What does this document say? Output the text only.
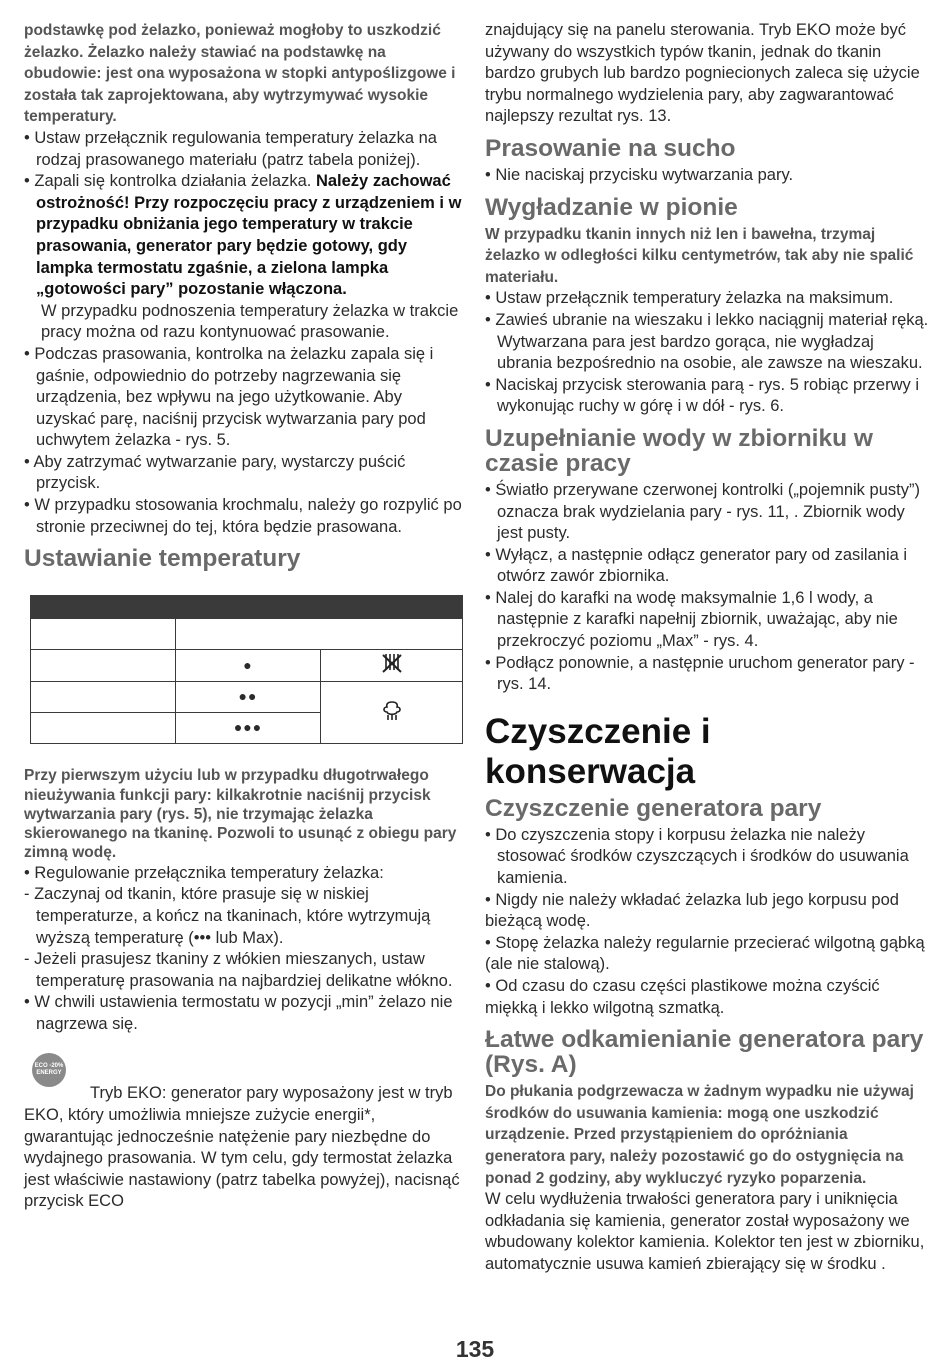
podstawkę pod żelazko, ponieważ mogłoby to uszkodzić żelazko. Żelazko należy stawiać na podstawkę na obudowie: jest ona wyposażona w stopki antypoślizgowe i została tak zaprojektowana, aby wytrzymywać wysokie temperatury.

• Ustaw przełącznik regulowania temperatury żelazka na rodzaj prasowanego materiału (patrz tabela poniżej).

• Zapali się kontrolka działania żelazka. Należy zachować ostrożność! Przy rozpoczęciu pracy z urządzeniem i w przypadku obniżania jego temperatury w trakcie prasowania, generator pary będzie gotowy, gdy lampka termostatu zgaśnie, a zielona lampka „gotowości pary” pozostanie włączona.

W przypadku podnoszenia temperatury żelazka w trakcie pracy można od razu kontynuować prasowanie.

• Podczas prasowania, kontrolka na żelazku zapala się i gaśnie, odpowiednio do potrzeby nagrzewania się urządzenia, bez wpływu na jego użytkowanie. Aby uzyskać parę, naciśnij przycisk wytwarzania pary pod uchwytem żelazka - rys. 5.

• Aby zatrzymać wytwarzanie pary, wystarczy puścić przycisk.

• W przypadku stosowania krochmalu, należy go rozpylić po stronie przeciwnej do tej, która będzie prasowana.

Ustawianie temperatury

	●	
	●●	
	●●●	

Przy pierwszym użyciu lub w przypadku długotrwałego nieużywania funkcji pary: kilkakrotnie naciśnij przycisk wytwarzania pary (rys. 5), nie trzymając żelazka skierowanego na tkaninę. Pozwoli to usunąć z obiegu pary zimną wodę.

• Regulowanie przełącznika temperatury żelazka:

- Zaczynaj od tkanin, które prasuje się w niskiej temperaturze, a kończ na tkaninach, które wytrzymują wyższą temperaturę (••• lub Max).

- Jeżeli prasujesz tkaniny z włókien mieszanych, ustaw temperaturę prasowania na najbardziej delikatne włókno.

• W chwili ustawienia termostatu w pozycji „min” żelazo nie nagrzewa się.

ECO -20% ENERGY

Tryb EKO: generator pary wyposażony jest w tryb EKO, który umożliwia mniejsze zużycie energii*, gwarantując jednocześnie natężenie pary niezbędne do wydajnego prasowania. W tym celu, gdy termostat żelazka jest właściwie nastawiony (patrz tabelka powyżej), nacisnąć przycisk ECO

znajdujący się na panelu sterowania. Tryb EKO może być używany do wszystkich typów tkanin, jednak do tkanin bardzo grubych lub bardzo pogniecionych zaleca się użycie trybu normalnego wydzielenia pary, aby zagwarantować najlepszy rezultat rys. 13.

Prasowanie na sucho

• Nie naciskaj przycisku wytwarzania pary.

Wygładzanie w pionie

W przypadku tkanin innych niż len i bawełna, trzymaj żelazko w odległości kilku centymetrów, tak aby nie spalić materiału.

• Ustaw przełącznik temperatury żelazka na maksimum.

• Zawieś ubranie na wieszaku i lekko naciągnij materiał ręką. Wytwarzana para jest bardzo gorąca, nie wygładzaj ubrania bezpośrednio na osobie, ale zawsze na wieszaku.

• Naciskaj przycisk sterowania parą - rys. 5 robiąc przerwy i wykonując ruchy w górę i w dół - rys. 6.

Uzupełnianie wody w zbiorniku w czasie pracy

• Światło przerywane czerwonej kontrolki („pojemnik pusty”) oznacza brak wydzielania pary - rys. 11, . Zbiornik wody jest pusty.

• Wyłącz, a następnie odłącz generator pary od zasilania i otwórz zawór zbiornika.

• Nalej do karafki na wodę maksymalnie 1,6 l wody, a następnie z karafki napełnij zbiornik, uważając, aby nie przekroczyć poziomu „Max” - rys. 4.

• Podłącz ponownie, a następnie uruchom generator pary - rys. 14.

Czyszczenie i konserwacja
Czyszczenie generatora pary

• Do czyszczenia stopy i korpusu żelazka nie należy stosować środków czyszczących i środków do usuwania kamienia.

• Nigdy nie należy wkładać żelazka lub jego korpusu pod bieżącą wodę.

• Stopę żelazka należy regularnie przecierać wilgotną gąbką (ale nie stalową).

• Od czasu do czasu części plastikowe można czyścić miękką i lekko wilgotną szmatką.

Łatwe odkamienianie generatora pary (Rys. A)

Do płukania podgrzewacza w żadnym wypadku nie używaj środków do usuwania kamienia: mogą one uszkodzić urządzenie. Przed przystąpieniem do opróżniania generatora pary, należy pozostawić go do ostygnięcia na ponad 2 godziny, aby wykluczyć ryzyko poparzenia.

W celu wydłużenia trwałości generatora pary i uniknięcia odkładania się kamienia, generator został wyposażony we wbudowany kolektor kamienia. Kolektor ten jest w zbiorniku, automatycznie usuwa kamień zbierający się w środku .

135
